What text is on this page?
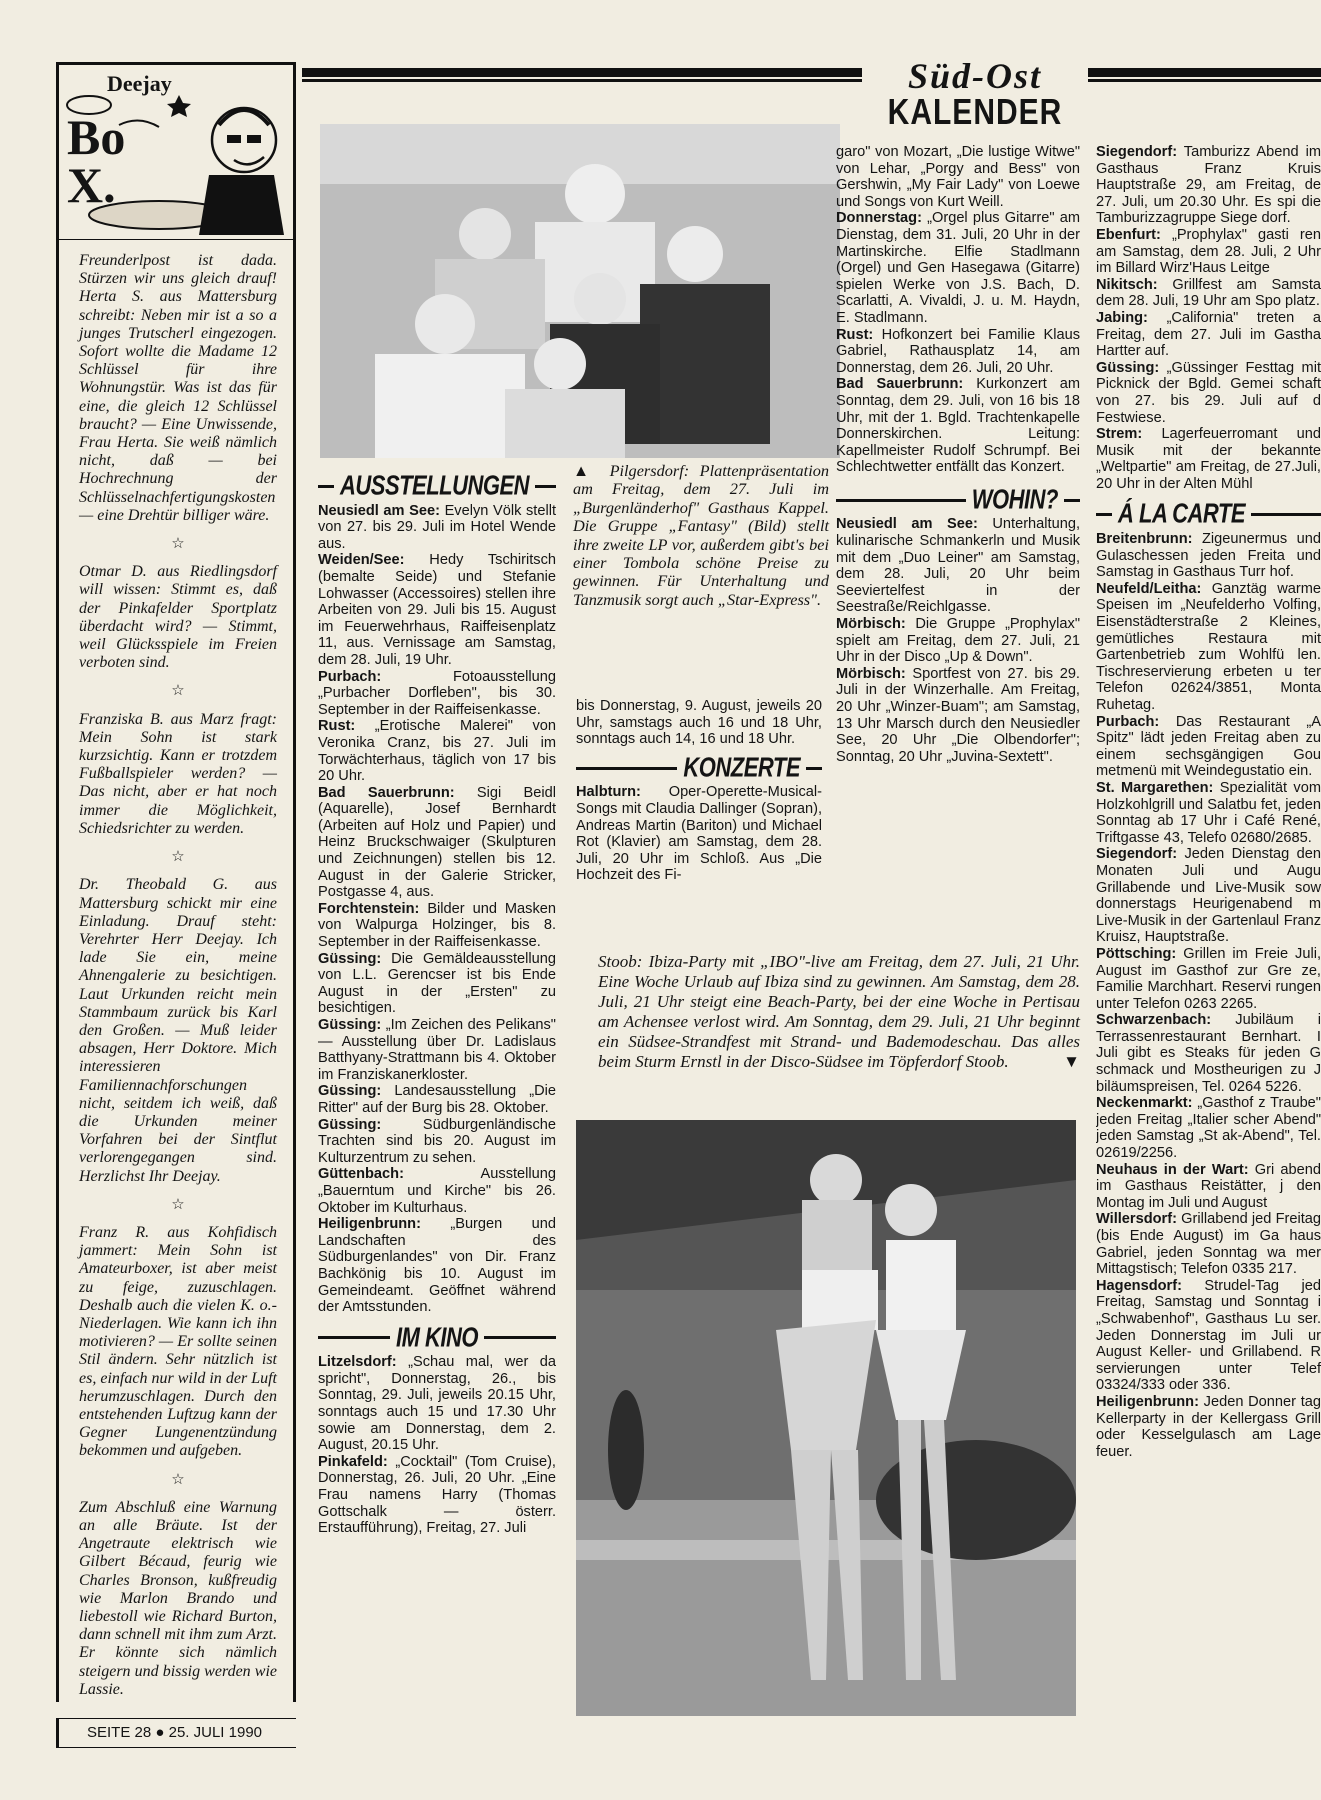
Deejay
BoX.

Freunderlpost ist dada. Stürzen wir uns gleich drauf! Herta S. aus Mattersburg schreibt: Neben mir ist a so a junges Trutscherl eingezogen. Sofort wollte die Madame 12 Schlüssel für ihre Wohnungstür. Was ist das für eine, die gleich 12 Schlüssel braucht? — Eine Unwissende, Frau Herta. Sie weiß nämlich nicht, daß — bei Hochrechnung der Schlüsselnachfertigungskosten — eine Drehtür billiger wäre.

☆

Otmar D. aus Riedlingsdorf will wissen: Stimmt es, daß der Pinkafelder Sportplatz überdacht wird? — Stimmt, weil Glücksspiele im Freien verboten sind.

☆

Franziska B. aus Marz fragt: Mein Sohn ist stark kurzsichtig. Kann er trotzdem Fußballspieler werden? — Das nicht, aber er hat noch immer die Möglichkeit, Schiedsrichter zu werden.

☆

Dr. Theobald G. aus Mattersburg schickt mir eine Einladung. Drauf steht: Verehrter Herr Deejay. Ich lade Sie ein, meine Ahnengalerie zu besichtigen. Laut Urkunden reicht mein Stammbaum zurück bis Karl den Großen. — Muß leider absagen, Herr Doktore. Mich interessieren Familiennachforschungen nicht, seitdem ich weiß, daß die Urkunden meiner Vorfahren bei der Sintflut verlorengegangen sind. Herzlichst Ihr Deejay.

☆

Franz R. aus Kohfidisch jammert: Mein Sohn ist Amateurboxer, ist aber meist zu feige, zuzuschlagen. Deshalb auch die vielen K. o.-Niederlagen. Wie kann ich ihn motivieren? — Er sollte seinen Stil ändern. Sehr nützlich ist es, einfach nur wild in der Luft herumzuschlagen. Durch den entstehenden Luftzug kann der Gegner Lungenentzündung bekommen und aufgeben.

☆

Zum Abschluß eine Warnung an alle Bräute. Ist der Angetraute elektrisch wie Gilbert Bécaud, feurig wie Charles Bronson, kußfreudig wie Marlon Brando und liebestoll wie Richard Burton, dann schnell mit ihm zum Arzt. Er könnte sich nämlich steigern und bissig werden wie Lassie.

SEITE 28 ● 25. JULI 1990
Süd-Ost
KALENDER
AUSSTELLUNGEN

Neusiedl am See: Evelyn Völk stellt von 27. bis 29. Juli im Hotel Wende aus.

Weiden/See: Hedy Tschiritsch (bemalte Seide) und Stefanie Lohwasser (Accessoires) stellen ihre Arbeiten von 29. Juli bis 15. August im Feuerwehrhaus, Raiffeisenplatz 11, aus. Vernissage am Samstag, dem 28. Juli, 19 Uhr.

Purbach:	Fotoausstellung „Purbacher Dorfleben", bis 30. September in der Raiffeisenkasse.

Rust: „Erotische Malerei" von Veronika Cranz, bis 27. Juli im Torwächterhaus, täglich von 17 bis 20 Uhr.

Bad Sauerbrunn: Sigi Beidl (Aquarelle), Josef Bernhardt (Arbeiten auf Holz und Papier) und Heinz Bruckschwaiger (Skulpturen und Zeichnungen) stellen bis 12. August in der Galerie Stricker, Postgasse 4, aus.

Forchtenstein: Bilder und Masken von Walpurga Holzinger, bis 8. September in der Raiffeisenkasse.

Güssing: Die Gemäldeausstellung von L.L. Gerencser ist bis Ende August in der „Ersten" zu besichtigen.

Güssing: „Im Zeichen des Pelikans" — Ausstellung über Dr. Ladislaus Batthyany-Strattmann bis 4. Oktober im Franziskanerkloster.

Güssing: Landesausstellung „Die Ritter" auf der Burg bis 28. Oktober.

Güssing:	Südburgenländische Trachten sind bis 20. August im Kulturzentrum zu sehen.

Güttenbach:	Ausstellung „Bauerntum und Kirche" bis 26. Oktober im Kulturhaus.

Heiligenbrunn: „Burgen und Landschaften des Südburgenlandes" von Dir. Franz Bachkönig bis 10. August im Gemeindeamt. Geöffnet während der Amtsstunden.

IM KINO

Litzelsdorf: „Schau mal, wer da spricht", Donnerstag, 26., bis Sonntag, 29. Juli, jeweils 20.15 Uhr, sonntags auch 15 und 17.30 Uhr sowie am Donnerstag, dem 2. August, 20.15 Uhr.

Pinkafeld: „Cocktail" (Tom Cruise), Donnerstag, 26. Juli, 20 Uhr. „Eine Frau namens Harry (Thomas Gottschalk — österr. Erstaufführung), Freitag, 27. Juli

▲ Pilgersdorf: Plattenpräsentation am Freitag, dem 27. Juli im „Burgenländerhof" Gasthaus Kappel. Die Gruppe „Fantasy" (Bild) stellt ihre zweite LP vor, außerdem gibt's bei einer Tombola schöne Preise zu gewinnen. Für Unterhaltung und Tanzmusik sorgt auch „Star-Express".

bis Donnerstag, 9. August, jeweils 20 Uhr, samstags auch 16 und 18 Uhr, sonntags auch 14, 16 und 18 Uhr.

KONZERTE

Halbturn: Oper-Operette-Musical-Songs mit Claudia Dallinger (Sopran), Andreas Martin (Bariton) und Michael Rot (Klavier) am Samstag, dem 28. Juli, 20 Uhr im Schloß. Aus „Die Hochzeit des Fi-

garo" von Mozart, „Die lustige Witwe" von Lehar, „Porgy and Bess" von Gershwin, „My Fair Lady" von Loewe und Songs von Kurt Weill.

Donnerstag: „Orgel plus Gitarre" am Dienstag, dem 31. Juli, 20 Uhr in der Martinskirche. Elfie Stadlmann (Orgel) und Gen Hasegawa (Gitarre) spielen Werke von J.S. Bach, D. Scarlatti, A. Vivaldi, J. u. M. Haydn, E. Stadlmann.

Rust: Hofkonzert bei Familie Klaus Gabriel, Rathausplatz 14, am Donnerstag, dem 26. Juli, 20 Uhr.

Bad Sauerbrunn: Kurkonzert am Sonntag, dem 29. Juli, von 16 bis 18 Uhr, mit der 1. Bgld. Trachtenkapelle Donnerskirchen. Leitung: Kapellmeister Rudolf Schrumpf. Bei Schlechtwetter entfällt das Konzert.

WOHIN?

Neusiedl am See: Unterhaltung, kulinarische Schmankerln und Musik mit dem „Duo Leiner" am Samstag, dem 28. Juli, 20 Uhr beim Seeviertelfest in der Seestraße/Reichlgasse.

Mörbisch: Die Gruppe „Prophylax" spielt am Freitag, dem 27. Juli, 21 Uhr in der Disco „Up & Down".

Mörbisch: Sportfest von 27. bis 29. Juli in der Winzerhalle. Am Freitag, 20 Uhr „Winzer-Buam"; am Samstag, 13 Uhr Marsch durch den Neusiedler See, 20 Uhr „Die Olbendorfer"; Sonntag, 20 Uhr „Juvina-Sextett".

Stoob: Ibiza-Party mit „IBO"-live am Freitag, dem 27. Juli, 21 Uhr. Eine Woche Urlaub auf Ibiza sind zu gewinnen. Am Samstag, dem 28. Juli, 21 Uhr steigt eine Beach-Party, bei der eine Woche in Pertisau am Achensee verlost wird. Am Sonntag, dem 29. Juli, 21 Uhr beginnt ein Südsee-Strandfest mit Strand- und Bademodeschau. Das alles beim Sturm Ernstl in der Disco-Südsee im Töpferdorf Stoob.	▼

Siegendorf: Tamburizz Abend im Gasthaus Franz Kruis Hauptstraße 29, am Freitag, de 27. Juli, um 20.30 Uhr. Es spi die Tamburizzagruppe Siege dorf.

Ebenfurt: „Prophylax" gasti ren am Samstag, dem 28. Juli, 2 Uhr im Billard Wirz'Haus Leitge

Nikitsch: Grillfest am Samsta dem 28. Juli, 19 Uhr am Spo platz.

Jabing: „California" treten a Freitag, dem 27. Juli im Gastha Hartter auf.

Güssing: „Güssinger Festtag mit Picknick der Bgld. Gemei schaft von 27. bis 29. Juli auf d Festwiese.

Strem: Lagerfeuerromant und Musik mit der bekannte „Weltpartie" am Freitag, de 27.Juli, 20 Uhr in der Alten Mühl

Á LA CARTE

Breitenbrunn: Zigeunermus und Gulaschessen jeden Freita und Samstag in Gasthaus Turr hof.

Neufeld/Leitha: Ganztäg warme Speisen im „Neufelderho Volfing, Eisenstädterstraße 2 Kleines, gemütliches Restaura mit Gartenbetrieb zum Wohlfü len. Tischreservierung erbeten u ter Telefon 02624/3851, Monta Ruhetag.

Purbach: Das Restaurant „A Spitz" lädt jeden Freitag aben zu einem sechsgängigen Gou metmenü mit Weindegustatio ein.

St. Margarethen: Spezialität vom Holzkohlgrill und Salatbu fet, jeden Sonntag ab 17 Uhr i Café René, Triftgasse 43, Telefo 02680/2685.

Siegendorf: Jeden Dienstag den Monaten Juli und Augu Grillabende und Live-Musik sow donnerstags Heurigenabend m Live-Musik in der Gartenlaul Franz Kruisz, Hauptstraße.

Pöttsching: Grillen im Freie Juli, August im Gasthof zur Gre ze, Familie Marchhart. Reservi rungen unter Telefon 0263 2265.

Schwarzenbach: Jubiläum i Terrassenrestaurant Bernhart. I Juli gibt es Steaks für jeden G schmack und Mostheurigen zu J biläumspreisen, Tel. 0264 5226.

Neckenmarkt: „Gasthof z Traube" jeden Freitag „Italier scher Abend" jeden Samstag „St ak-Abend", Tel. 02619/2256.

Neuhaus in der Wart: Gri abend im Gasthaus Reistätter, j den Montag im Juli und August

Willersdorf: Grillabend jed Freitag (bis Ende August) im Ga haus Gabriel, jeden Sonntag wa mer Mittagstisch; Telefon 0335 217.

Hagensdorf: Strudel-Tag jed Freitag, Samstag und Sonntag i „Schwabenhof", Gasthaus Lu ser. Jeden Donnerstag im Juli ur August Keller- und Grillabend. R servierungen unter Telef 03324/333 oder 336.

Heiligenbrunn: Jeden Donner tag Kellerparty in der Kellergass Grill oder Kesselgulasch am Lage feuer.
